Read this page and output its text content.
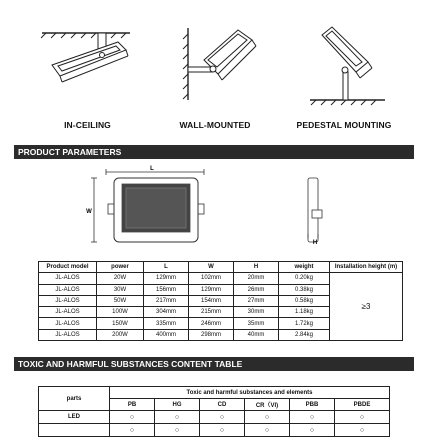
IN-CEILING	WALL-MOUNTED	PEDESTAL MOUNTING
PRODUCT PARAMETERS
L
W
H
Product model	power	L	W	H	weight	Installation height (m)
JL-ALOS	20W	129mm	102mm	20mm	0.20kg	≥3
JL-ALOS	30W	156mm	129mm	26mm	0.38kg	
JL-ALOS	50W	217mm	154mm	27mm	0.58kg	
JL-ALOS	100W	304mm	215mm	30mm	1.18kg	
JL-ALOS	150W	335mm	246mm	35mm	1.72kg	
JL-ALOS	200W	400mm	298mm	40mm	2.84kg	
TOXIC AND HARMFUL SUBSTANCES CONTENT TABLE
parts	Toxic and harmful substances and elements					
	PB	HG	CD	CR（VI)	PBB	PBDE
LED	○	○	○	○	○	○
	○	○	○	○	○	○
